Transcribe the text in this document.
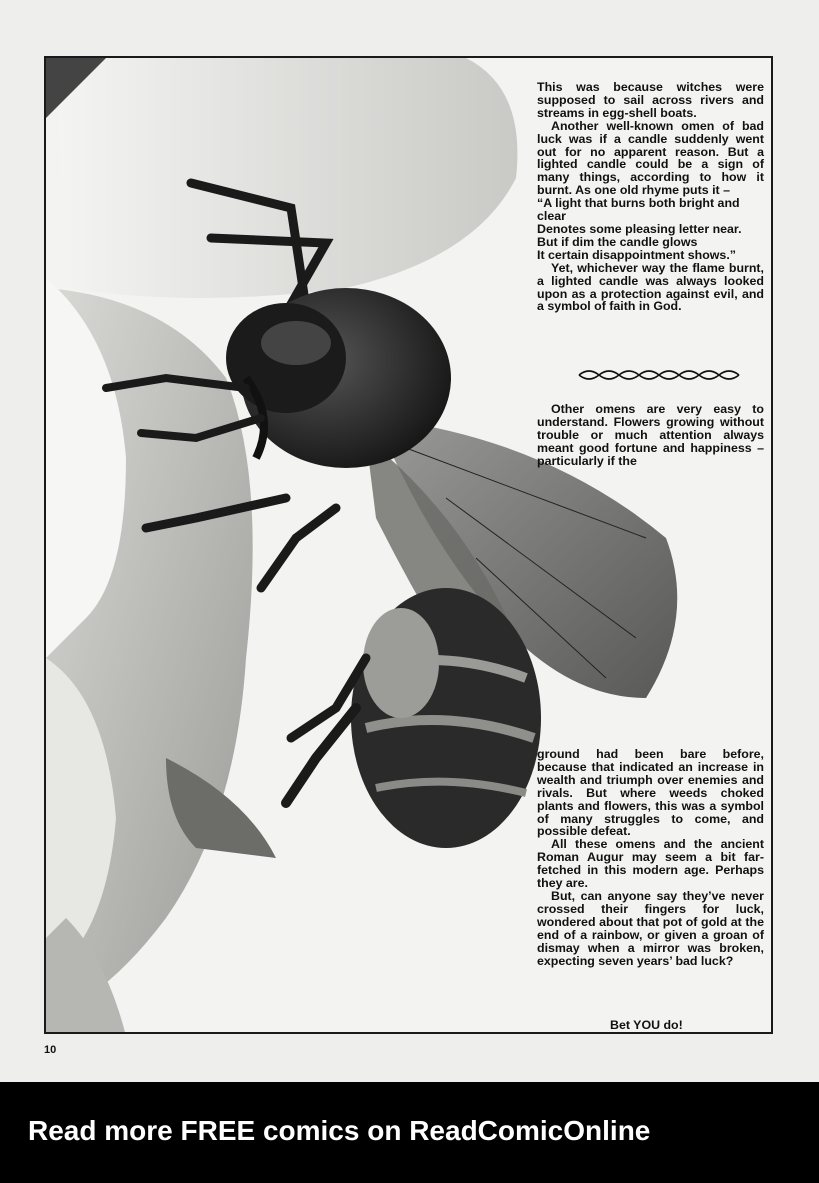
This was because witches were supposed to sail across rivers and streams in egg-shell boats.

Another well-known omen of bad luck was if a candle suddenly went out for no apparent reason. But a lighted candle could be a sign of many things, according to how it burnt. As one old rhyme puts it –

“A light that burns both bright and clear

Denotes some pleasing letter near.

But if dim the candle glows

It certain disappointment shows.”

Yet, whichever way the flame burnt, a lighted candle was always looked upon as a protection against evil, and a symbol of faith in God.

Other omens are very easy to understand. Flowers growing without trouble or much attention always meant good fortune and happiness – particularly if the

ground had been bare before, because that indicated an increase in wealth and triumph over enemies and rivals. But where weeds choked plants and flowers, this was a symbol of many struggles to come, and possible defeat.

All these omens and the ancient Roman Augur may seem a bit far-fetched in this modern age. Perhaps they are.

But, can anyone say they’ve never crossed their fingers for luck, wondered about that pot of gold at the end of a rainbow, or given a groan of dismay when a mirror was broken, expecting seven years’ bad luck?

Bet YOU do!
10
Read more FREE comics on ReadComicOnline
